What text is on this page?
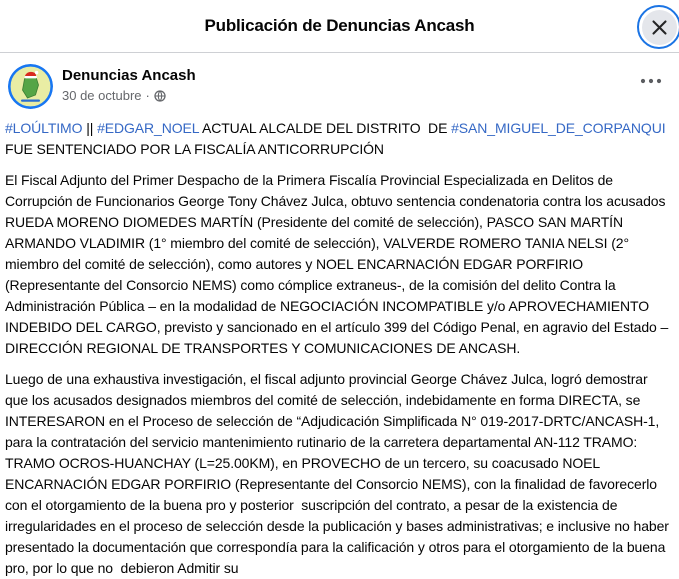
Publicación de Denuncias Ancash
Denuncias Ancash
30 de octubre ·

#LOÚLTIMO || #EDGAR_NOEL ACTUAL ALCALDE DEL DISTRITO  DE #SAN_MIGUEL_DE_CORPANQUI FUE SENTENCIADO POR LA FISCALÍA ANTICORRUPCIÓN

El Fiscal Adjunto del Primer Despacho de la Primera Fiscalía Provincial Especializada en Delitos de Corrupción de Funcionarios George Tony Chávez Julca, obtuvo sentencia condenatoria contra los acusados RUEDA MORENO DIOMEDES MARTÍN (Presidente del comité de selección), PASCO SAN MARTÍN ARMANDO VLADIMIR (1° miembro del comité de selección), VALVERDE ROMERO TANIA NELSI (2° miembro del comité de selección), como autores y NOEL ENCARNACIÓN EDGAR PORFIRIO (Representante del Consorcio NEMS) como cómplice extraneus-, de la comisión del delito Contra la Administración Pública – en la modalidad de NEGOCIACIÓN INCOMPATIBLE y/o APROVECHAMIENTO INDEBIDO DEL CARGO, previsto y sancionado en el artículo 399 del Código Penal, en agravio del Estado –DIRECCIÓN REGIONAL DE TRANSPORTES Y COMUNICACIONES DE ANCASH.

Luego de una exhaustiva investigación, el fiscal adjunto provincial George Chávez Julca, logró demostrar que los acusados designados miembros del comité de selección, indebidamente en forma DIRECTA, se INTERESARON en el Proceso de selección de “Adjudicación Simplificada N° 019-2017-DRTC/ANCASH-1, para la contratación del servicio mantenimiento rutinario de la carretera departamental AN-112 TRAMO: TRAMO OCROS-HUANCHAY (L=25.00KM), en PROVECHO de un tercero, su coacusado NOEL ENCARNACIÓN EDGAR PORFIRIO (Representante del Consorcio NEMS), con la finalidad de favorecerlo con el otorgamiento de la buena pro y posterior  suscripción del contrato, a pesar de la existencia de irregularidades en el proceso de selección desde la publicación y bases administrativas; e inclusive no haber presentado la documentación que correspondía para la calificación y otros para el otorgamiento de la buena pro, por lo que no  debieron Admitir su
